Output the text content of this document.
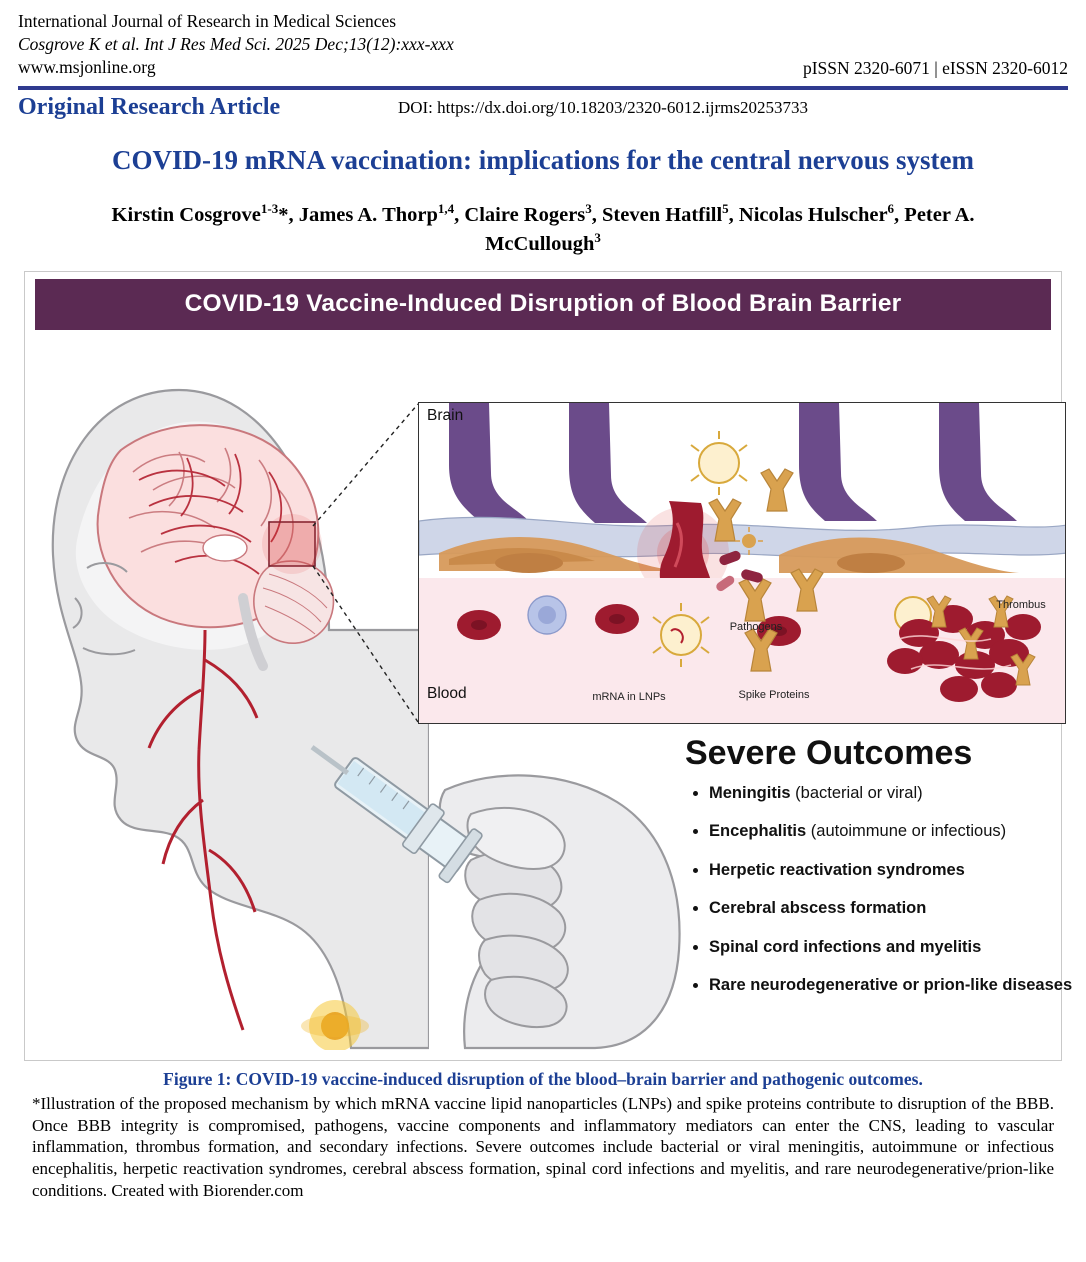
International Journal of Research in Medical Sciences
Cosgrove K et al. Int J Res Med Sci. 2025 Dec;13(12):xxx-xxx
www.msjonline.org	pISSN 2320-6071 | eISSN 2320-6012
DOI: https://dx.doi.org/10.18203/2320-6012.ijrms20253733
Original Research Article
COVID-19 mRNA vaccination: implications for the central nervous system
Kirstin Cosgrove$^{1-3}$*, James A. Thorp$^{1,4}$, Claire Rogers$^3$, Steven Hatfill$^5$, Nicolas Hulscher$^6$, Peter A. McCullough$^3$
COVID-19 Vaccine-Induced Disruption of Blood Brain Barrier
Brain
Blood	mRNA in LNPs	Spike Proteins
Pathogens
Thrombus
Severe Outcomes
• Meningitis (bacterial or viral)
• Encephalitis (autoimmune or infectious)
• Herpetic reactivation syndromes
• Cerebral abscess formation
• Spinal cord infections and myelitis
• Rare neurodegenerative or prion-like diseases
Figure 1: COVID-19 vaccine-induced disruption of the blood–brain barrier and pathogenic outcomes.
*Illustration of the proposed mechanism by which mRNA vaccine lipid nanoparticles (LNPs) and spike proteins contribute to disruption of the BBB. Once BBB integrity is compromised, pathogens, vaccine components and inflammatory mediators can enter the CNS, leading to vascular inflammation, thrombus formation, and secondary infections. Severe outcomes include bacterial or viral meningitis, autoimmune or infectious encephalitis, herpetic reactivation syndromes, cerebral abscess formation, spinal cord infections and myelitis, and rare neurodegenerative/prion-like conditions. Created with Biorender.com
